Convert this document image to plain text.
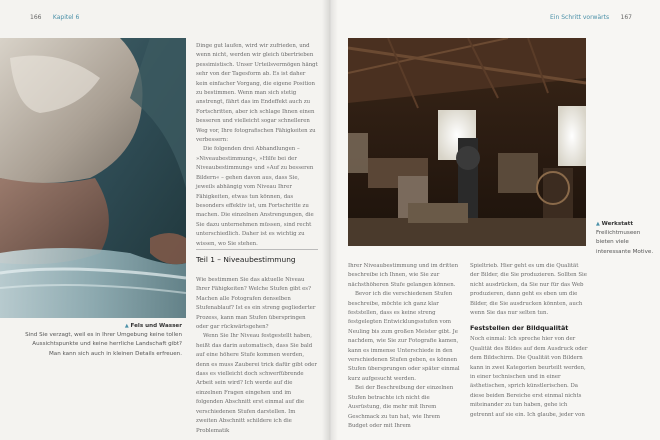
166 Kapitel 6

Dinge gut laufen, wird wir zufrieden, und wenn nicht, werden wir gleich übertrieben pessimistisch. Unser Urteilsvermögen hängt sehr von der Tagesform ab. Es ist daher kein einfacher Vorgang, die eigene Position zu bestimmen. Wenn man sich stetig anstrengt, fährt das im Endeffekt auch zu Fortschritten, aber ich schlage Ihnen einen besseren und vielleicht sogar schnelleren Weg vor, Ihre fotografischen Fähigkeiten zu verbessern:

Die folgenden drei Abhandlungen – »Niveaubestimmung«, »Hilfe bei der Niveaubestimmung« und »Auf zu besseren Bildern« – gehen davon aus, dass Sie, jeweils abhängig vom Niveau Ihrer Fähigkeiten, etwas tun können, das besonders effektiv ist, um Fortschritte zu machen. Die einzelnen Anstrengungen, die Sie dazu unternehmen müssen, sind recht unterschiedlich. Daher ist es wichtig zu wissen, wo Sie stehen.

Teil 1 – Niveaubestimmung

Wie bestimmen Sie das aktuelle Niveau Ihrer Fähigkeiten? Welche Stufen gibt es? Machen alle Fotografen denselben Stufenablauf? Ist es ein streng gegliederter Prozess, kann man Stufen überspringen oder gar rückwärtsgehen?

Wenn Sie Ihr Niveau festgestellt haben, heißt das darin automatisch, dass Sie bald auf eine höhere Stufe kommen werden, denn es muss Zauberei trick dafür gibt oder dass es vielleicht doch schwerfübrende Arbeit sein wird? Ich werde auf die einzelnen Fragen eingehen und im folgenden Abschnitt erst einmal auf die verschiedenen Stufen darstellen. Im zweiten Abschnitt schildere ich die Problematik

▲ Fels und Wasser
Sind Sie verzagt, weil es in Ihrer Umgebung keine tollen Aussichtspunkte und keine herrliche Landschaft gibt? Man kann sich auch in kleinen Details erfreuen.
Ein Schritt vorwärts 167
▲ Werkstatt
Freilichtmuseen bieten viele interessante Motive.

Ihrer Niveaubestimmung und im dritten beschreibe ich Ihnen, wie Sie zur nächsthöheren Stufe gelangen können.

Bevor ich die verschiedenen Stufen beschreibe, möchte ich ganz klar feststellen, dass es keine streng festgelegten Entwicklungsstufen vom Neuling bis zum großen Meister gibt. Je nachdem, wie Sie zur Fotografie kamen, kann es immense Unterschiede in den verschiedenen Stufen geben, es können Stufen übersprungen oder später einmal kurz aufgesucht werden.

Bei der Beschreibung der einzelnen Stufen betrachte ich nicht die Ausrüstung, die mehr mit Ihrem Geschmack zu tun hat, wie Ihrem Budget oder mit Ihrem

Spieltrieb. Hier geht es um die Qualität der Bilder, die Sie produzieren. Sollten Sie nicht ausdrücken, da Sie nur für das Web produzieren, dann geht es eben um die Bilder, die Sie ausdrucken könnten, auch wenn Sie das nur selten tun.

Feststellen der Bildqualität

Noch einmal: Ich spreche hier von der Qualität des Bildes auf dem Ausdruck oder dem Bildschirm. Die Qualität von Bildern kann in zwei Kategorien beurteilt werden, in einer technischen und in einer ästhetischen, sprich künstlerischen. Da diese beiden Bereiche erst einmal nichts miteinander zu tun haben, gehe ich getrennt auf sie ein. Ich glaube, jeder von
